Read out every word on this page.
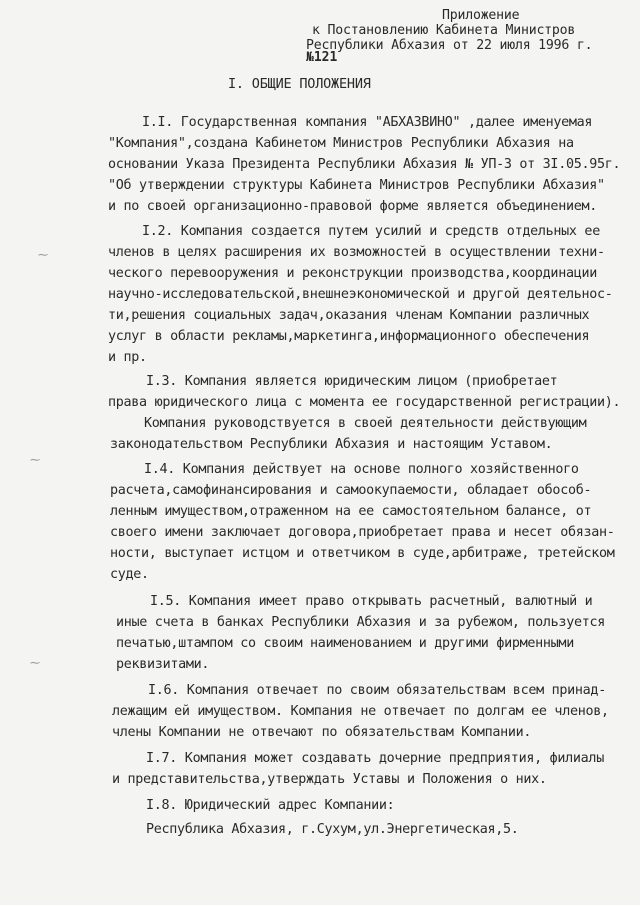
Приложение
к Постановлению Кабинета Министров
Республики Абхазия от 22 июля 1996 г.
№121
I. ОБЩИЕ ПОЛОЖЕНИЯ

I.I. Государственная компания "АБХАЗВИНО" ,далее именуемая

"Компания",создана Кабинетом Министров Республики Абхазия на

основании Указа Президента Республики Абхазия № УП-3 от 3I.05.95г.

"Об утверждении структуры Кабинета Министров Республики Абхазия"

и по своей организационно-правовой форме является объединением.

I.2. Компания создается путем усилий и средств отдельных ее

членов в целях расширения их возможностей в осуществлении техни-

ческого перевооружения и реконструкции производства,координации

научно-исследовательской,внешнеэкономической и другой деятельнос-

ти,решения социальных задач,оказания членам Компании различных

услуг в области рекламы,маркетинга,информационного обеспечения

и пр.

I.3. Компания является юридическим лицом (приобретает

права юридического лица с момента ее государственной регистрации).

Компания руководствуется в своей деятельности действующим

законодательством Республики Абхазия и настоящим Уставом.

I.4. Компания действует на основе полного хозяйственного

расчета,самофинансирования и самоокупаемости, обладает обособ-

ленным имуществом,отраженном на ее самостоятельном балансе, от

своего имени заключает договора,приобретает права и несет обязан-

ности, выступает истцом и ответчиком в суде,арбитраже, третейском

суде.

I.5. Компания имеет право открывать расчетный, валютный и

иные счета в банках Республики Абхазия и за рубежом, пользуется

печатью,штампом со своим наименованием и другими фирменными

реквизитами.

I.6. Компания отвечает по своим обязательствам всем принад-

лежащим ей имуществом. Компания не отвечает по долгам ее членов,

члены Компании не отвечают по обязательствам Компании.

I.7. Компания может создавать дочерние предприятия, филиалы

и представительства,утверждать Уставы и Положения о них.

I.8. Юридический адрес Компании:

Республика Абхазия, г.Сухум,ул.Энергетическая,5.

⁓
⁓
⁓
